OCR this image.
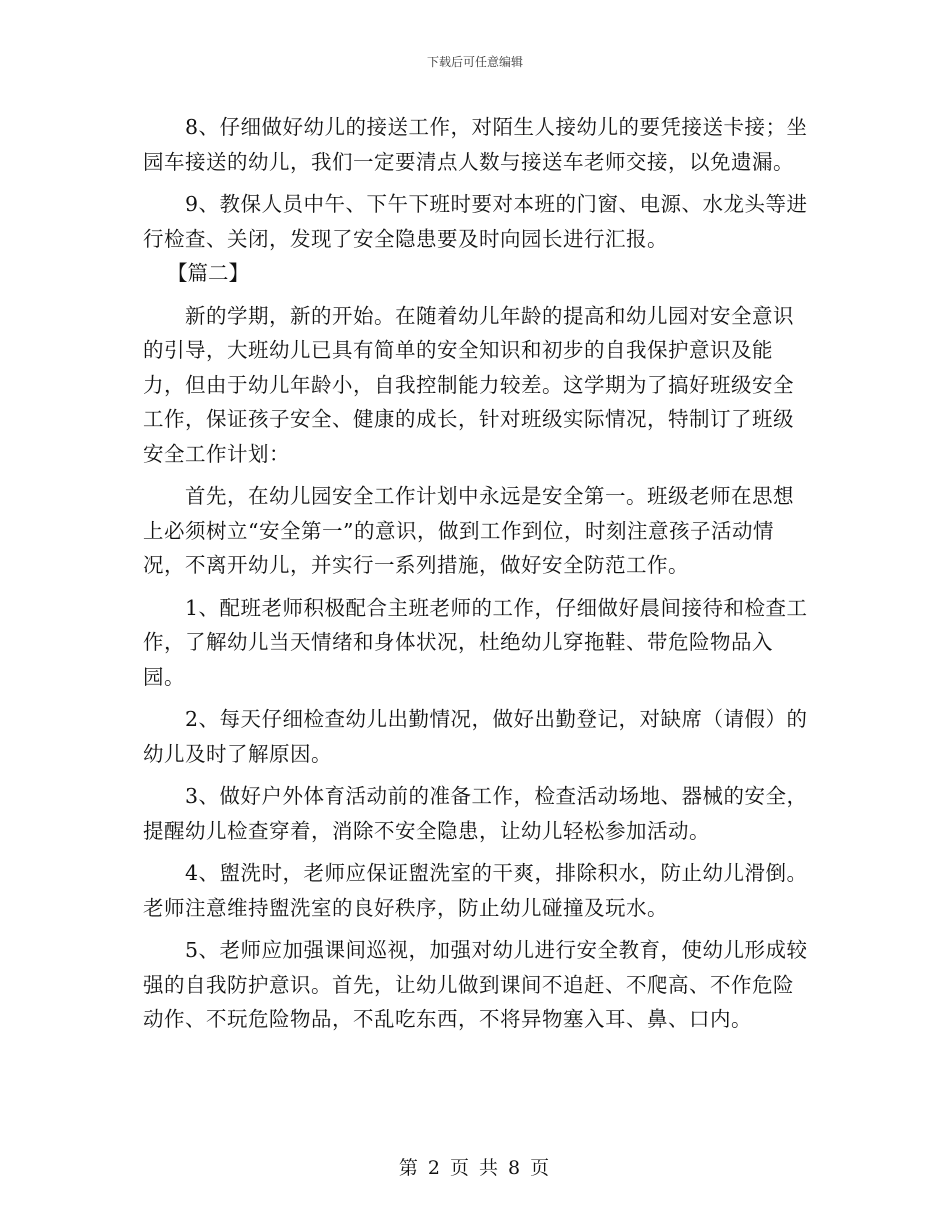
下载后可任意编辑

8、仔细做好幼儿的接送工作，对陌生人接幼儿的要凭接送卡接；坐园车接送的幼儿，我们一定要清点人数与接送车老师交接，以免遗漏。

9、教保人员中午、下午下班时要对本班的门窗、电源、水龙头等进行检查、关闭，发现了安全隐患要及时向园长进行汇报。

【篇二】

新的学期，新的开始。在随着幼儿年龄的提高和幼儿园对安全意识的引导，大班幼儿已具有简单的安全知识和初步的自我保护意识及能力，但由于幼儿年龄小，自我控制能力较差。这学期为了搞好班级安全工作，保证孩子安全、健康的成长，针对班级实际情况，特制订了班级安全工作计划：

首先，在幼儿园安全工作计划中永远是安全第一。班级老师在思想上必须树立“安全第一”的意识，做到工作到位，时刻注意孩子活动情况，不离开幼儿，并实行一系列措施，做好安全防范工作。

1、配班老师积极配合主班老师的工作，仔细做好晨间接待和检查工作，了解幼儿当天情绪和身体状况，杜绝幼儿穿拖鞋、带危险物品入园。

2、每天仔细检查幼儿出勤情况，做好出勤登记，对缺席（请假）的幼儿及时了解原因。

3、做好户外体育活动前的准备工作，检查活动场地、器械的安全，提醒幼儿检查穿着，消除不安全隐患，让幼儿轻松参加活动。

4、盥洗时，老师应保证盥洗室的干爽，排除积水，防止幼儿滑倒。老师注意维持盥洗室的良好秩序，防止幼儿碰撞及玩水。

5、老师应加强课间巡视，加强对幼儿进行安全教育，使幼儿形成较强的自我防护意识。首先，让幼儿做到课间不追赶、不爬高、不作危险动作、不玩危险物品，不乱吃东西，不将异物塞入耳、鼻、口内。

第 2 页 共 8 页
